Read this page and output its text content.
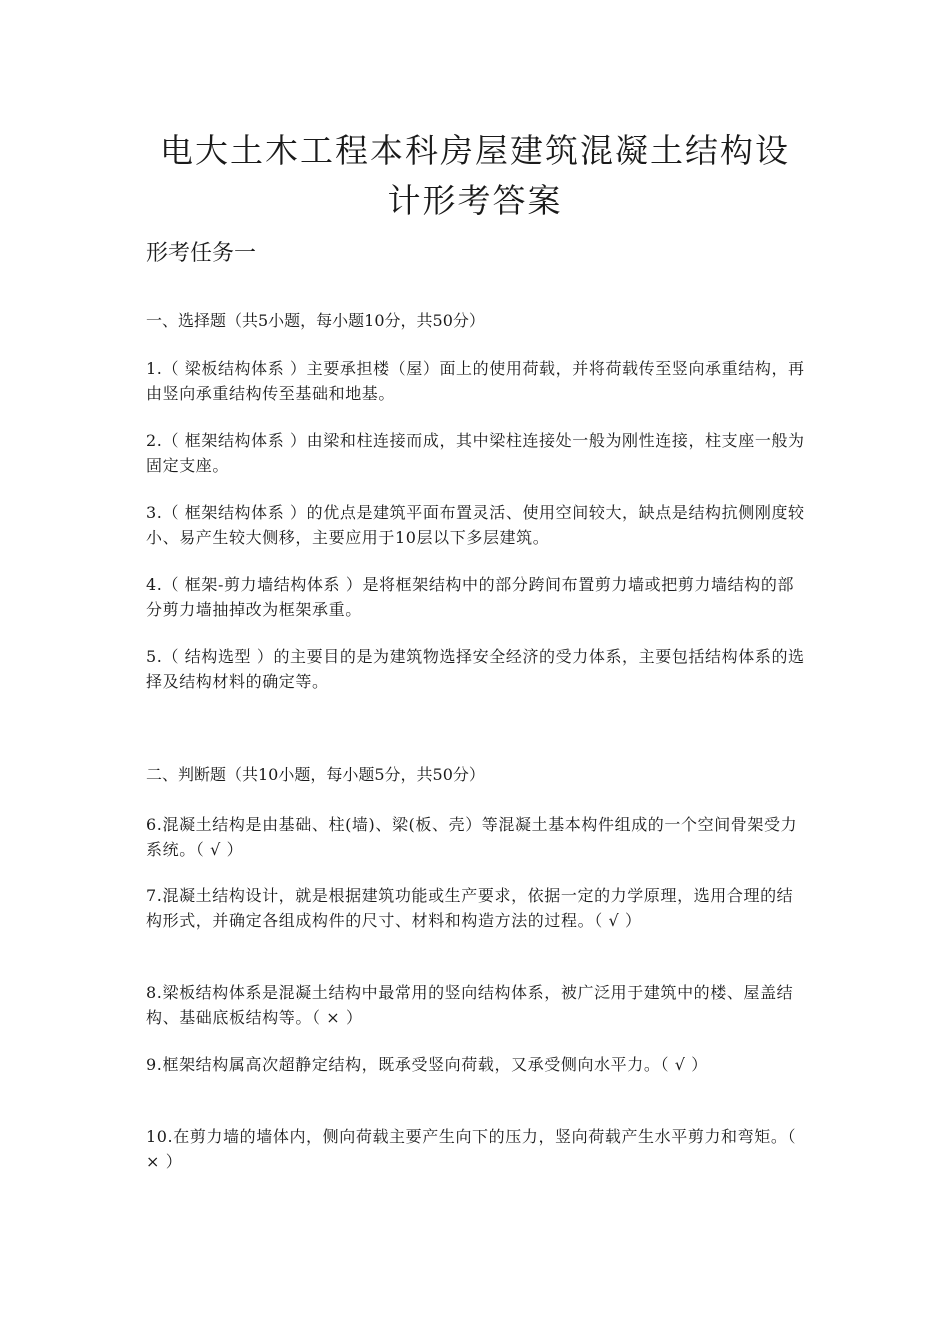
电大土木工程本科房屋建筑混凝土结构设计形考答案
形考任务一
一、选择题（共5小题，每小题10分，共50分）
1.（ 梁板结构体系 ）主要承担楼（屋）面上的使用荷载，并将荷载传至竖向承重结构，再由竖向承重结构传至基础和地基。
2.（ 框架结构体系 ）由梁和柱连接而成，其中梁柱连接处一般为刚性连接，柱支座一般为固定支座。
3.（ 框架结构体系 ）的优点是建筑平面布置灵活、使用空间较大，缺点是结构抗侧刚度较小、易产生较大侧移，主要应用于10层以下多层建筑。
4.（ 框架-剪力墙结构体系 ）是将框架结构中的部分跨间布置剪力墙或把剪力墙结构的部分剪力墙抽掉改为框架承重。
5.（ 结构选型 ）的主要目的是为建筑物选择安全经济的受力体系，主要包括结构体系的选择及结构材料的确定等。
二、判断题（共10小题，每小题5分，共50分）
6.混凝土结构是由基础、柱(墙)、梁(板、壳）等混凝土基本构件组成的一个空间骨架受力系统。（ √ ）
7.混凝土结构设计，就是根据建筑功能或生产要求，依据一定的力学原理，选用合理的结构形式，并确定各组成构件的尺寸、材料和构造方法的过程。（ √ ）
8.梁板结构体系是混凝土结构中最常用的竖向结构体系，被广泛用于建筑中的楼、屋盖结构、基础底板结构等。（ × ）
9.框架结构属高次超静定结构，既承受竖向荷载，又承受侧向水平力。（ √ ）
10.在剪力墙的墙体内，侧向荷载主要产生向下的压力，竖向荷载产生水平剪力和弯矩。（ × ）
